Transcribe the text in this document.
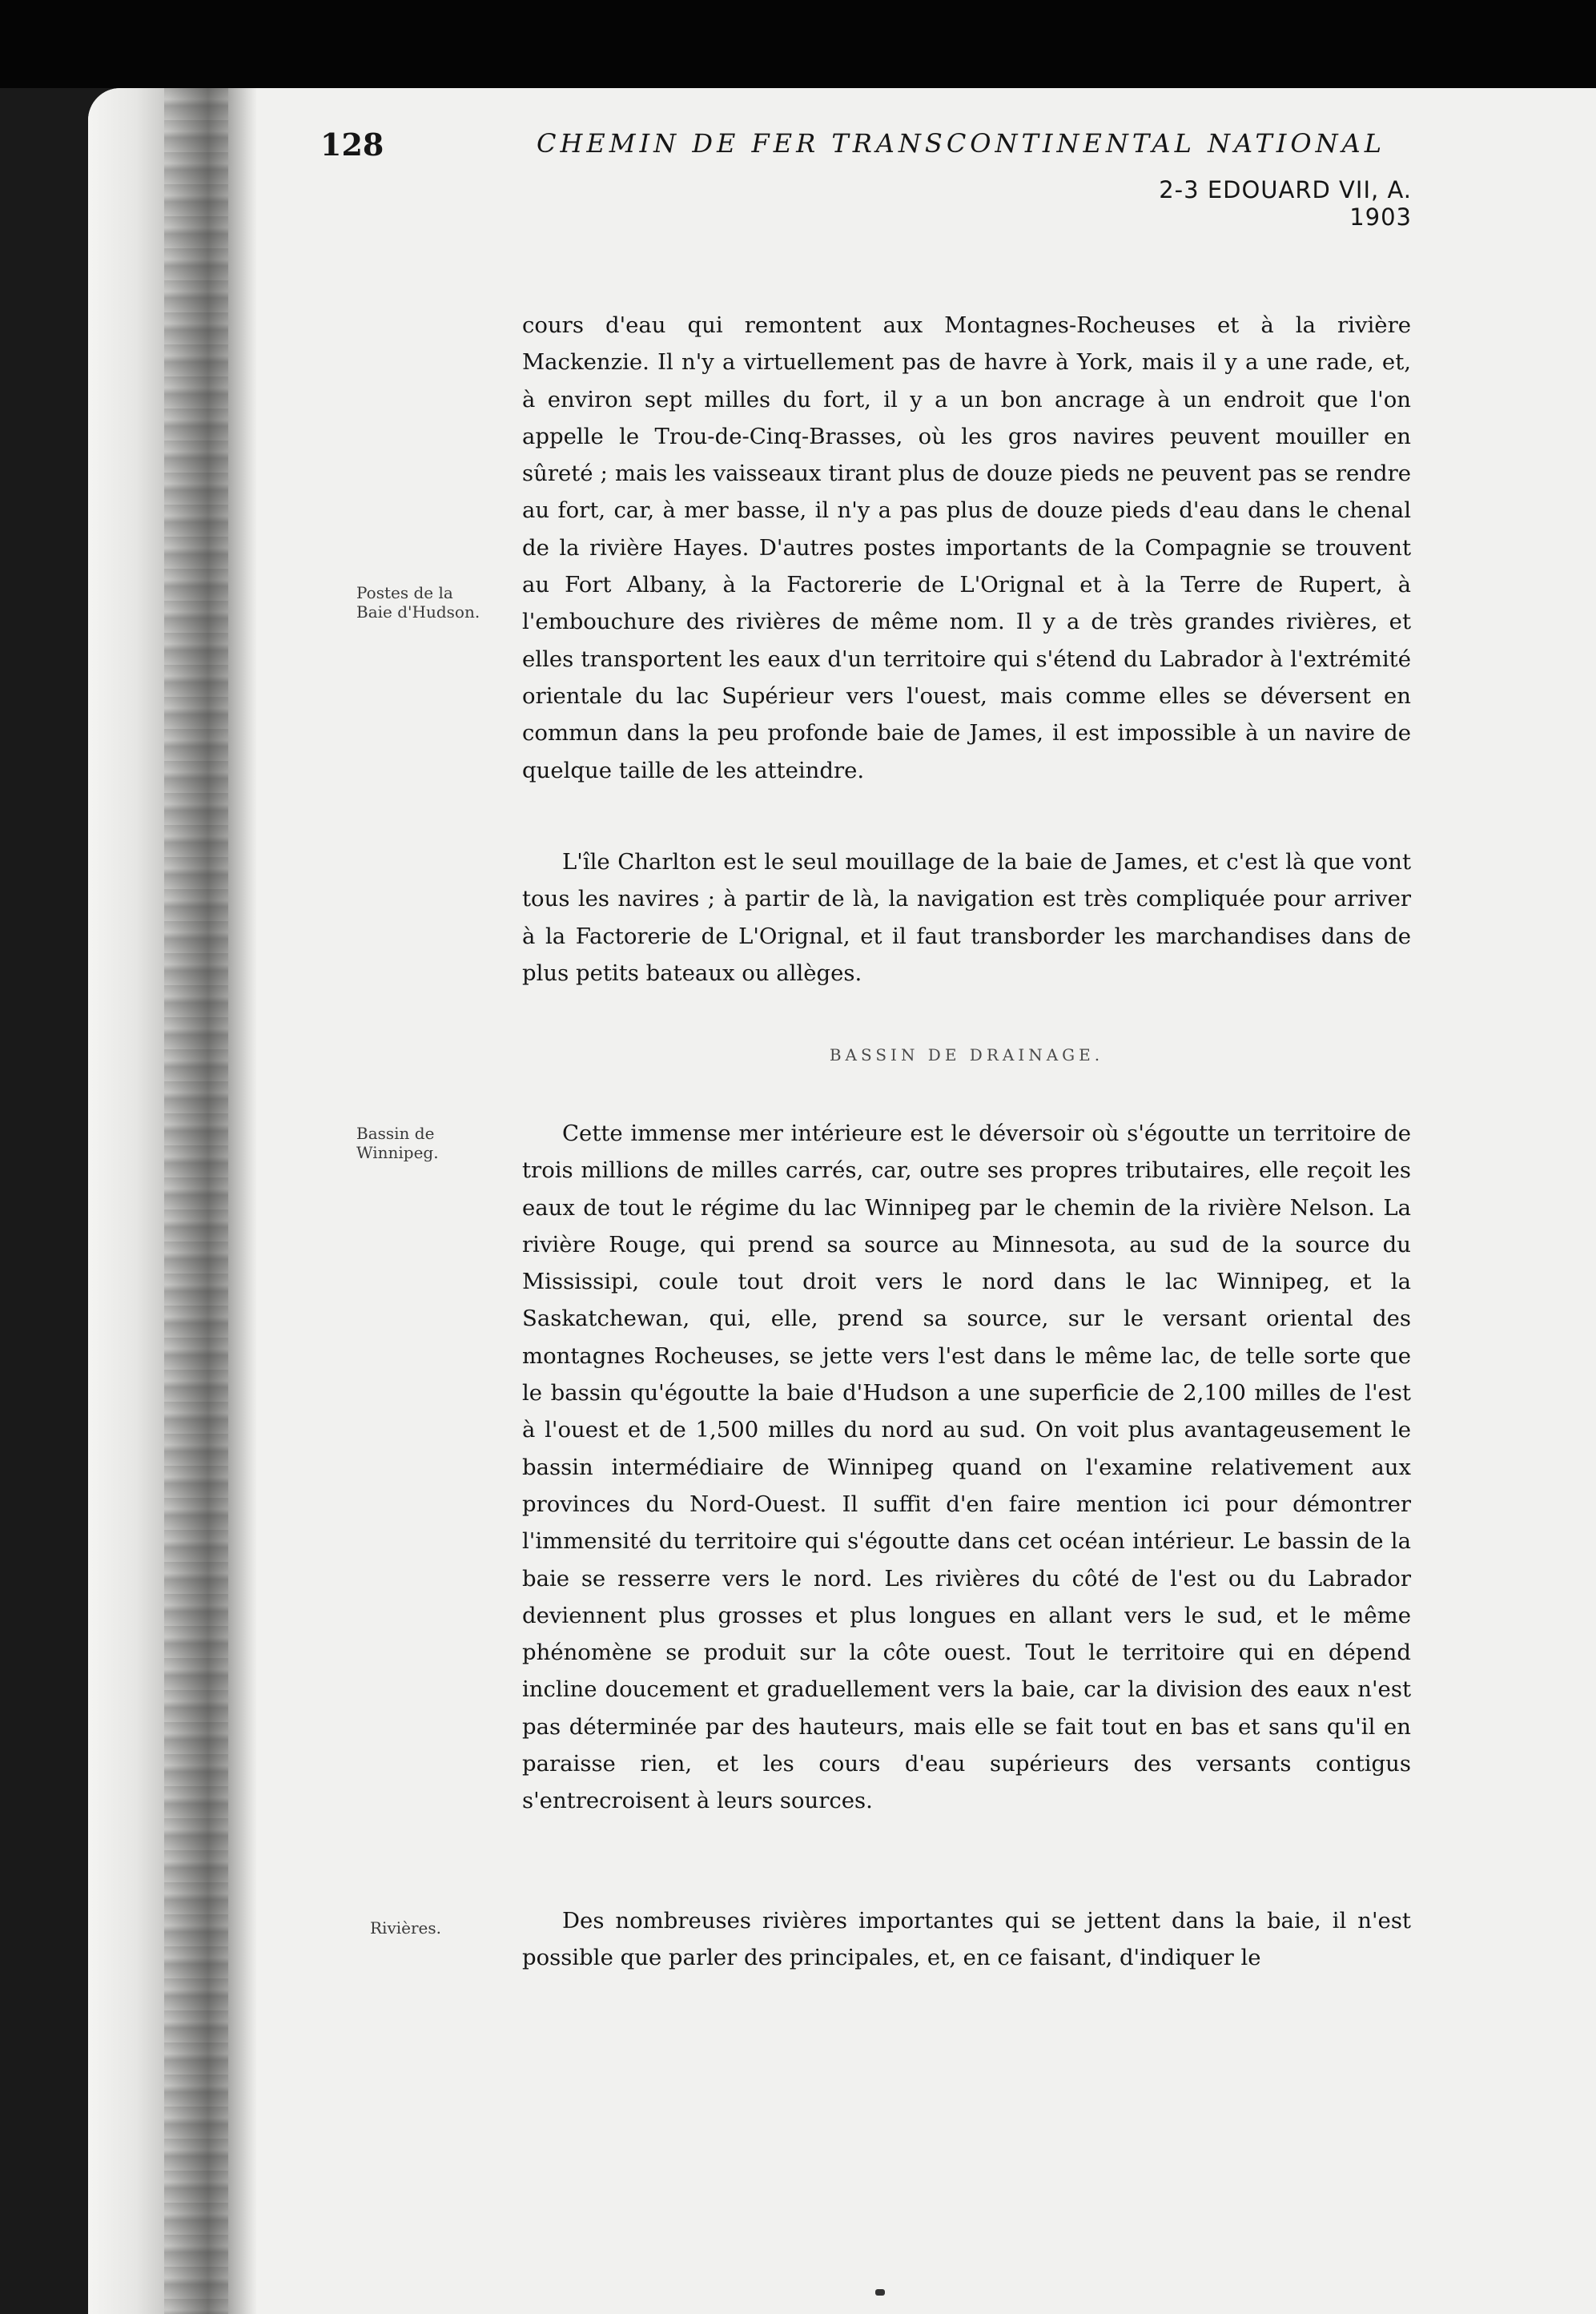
128	CHEMIN DE FER TRANSCONTINENTAL NATIONAL
2-3 EDOUARD VII, A. 1903
Postes de la Baie d'Hudson.

cours d'eau qui remontent aux Montagnes-Rocheuses et à la rivière Mackenzie. Il n'y a virtuellement pas de havre à York, mais il y a une rade, et, à environ sept milles du fort, il y a un bon ancrage à un endroit que l'on appelle le Trou-de-Cinq-Brasses, où les gros navires peuvent mouiller en sûreté ; mais les vaisseaux tirant plus de douze pieds ne peuvent pas se rendre au fort, car, à mer basse, il n'y a pas plus de douze pieds d'eau dans le chenal de la rivière Hayes. D'autres postes importants de la Compagnie se trouvent au Fort Albany, à la Factorerie de L'Orignal et à la Terre de Rupert, à l'embouchure des rivières de même nom. Il y a de très grandes rivières, et elles transportent les eaux d'un territoire qui s'étend du Labrador à l'extrémité orientale du lac Supérieur vers l'ouest, mais comme elles se déversent en commun dans la peu profonde baie de James, il est impossible à un navire de quelque taille de les atteindre.

L'île Charlton est le seul mouillage de la baie de James, et c'est là que vont tous les navires ; à partir de là, la navigation est très compliquée pour arriver à la Factorerie de L'Orignal, et il faut transborder les marchandises dans de plus petits bateaux ou allèges.

BASSIN DE DRAINAGE.
Bassin de Winnipeg.

Cette immense mer intérieure est le déversoir où s'égoutte un territoire de trois millions de milles carrés, car, outre ses propres tributaires, elle reçoit les eaux de tout le régime du lac Winnipeg par le chemin de la rivière Nelson. La rivière Rouge, qui prend sa source au Minnesota, au sud de la source du Mississipi, coule tout droit vers le nord dans le lac Winnipeg, et la Saskatchewan, qui, elle, prend sa source, sur le versant oriental des montagnes Rocheuses, se jette vers l'est dans le même lac, de telle sorte que le bassin qu'égoutte la baie d'Hudson a une superficie de 2,100 milles de l'est à l'ouest et de 1,500 milles du nord au sud. On voit plus avantageusement le bassin intermédiaire de Winnipeg quand on l'examine relativement aux provinces du Nord-Ouest. Il suffit d'en faire mention ici pour démontrer l'immensité du territoire qui s'égoutte dans cet océan intérieur. Le bassin de la baie se resserre vers le nord. Les rivières du côté de l'est ou du Labrador deviennent plus grosses et plus longues en allant vers le sud, et le même phénomène se produit sur la côte ouest. Tout le territoire qui en dépend incline doucement et graduellement vers la baie, car la division des eaux n'est pas déterminée par des hauteurs, mais elle se fait tout en bas et sans qu'il en paraisse rien, et les cours d'eau supérieurs des versants contigus s'entrecroisent à leurs sources.

Rivières.	Des nombreuses rivières importantes qui se jettent dans la baie, il n'est possible que parler des principales, et, en ce faisant, d'indiquer le
